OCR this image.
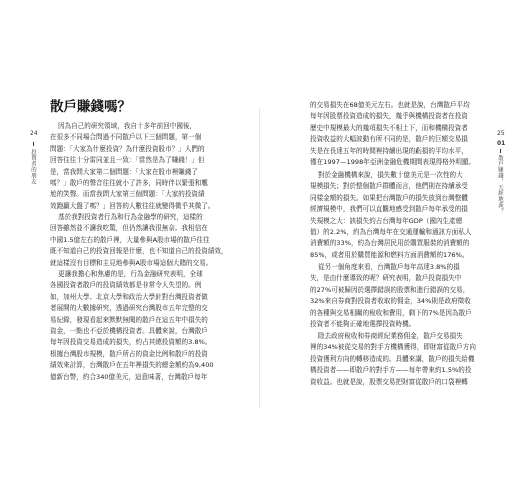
24
投資者的朋友
散戶賺錢嗎？
因為自己的研究領域，我自十多年前回中國後，
在很多不同場合問過不同散戶以下三個問題，第一個
問題：「大家為什麼投資？為什麼投資股市？」人們的
回答往往十分雷同並且一致：「當然是為了賺錢！」但
是，當我問大家第二個問題：「大家在股市裡賺錢了
嗎？」散戶的聲音往往就小了許多，同時伴以緊張和尷
尬的笑聲。而當我問大家第三個問題：「大家的投資績
效跑贏大盤了嗎？」回答的人數往往就變得微乎其微了。
基於我對投資者行為和行為金融學的研究，這樣的
回答雖然並不讓我吃驚，但仍然讓我很無奈。我相信在
中國1.5億左右的散戶裡，大量參與A股市場的散戶往往
既不知道自己的投資回報是什麼，也不知道自己的投資績效，
就這樣沒有目標和主見地參與A股市場這個大賭的交易。
更讓我擔心和焦慮的是，行為金融研究表明，全球
各國投資者散戶的投資績效都是非常令人失望的。例
如，加州大學、北京大學和政治大學針對台灣投資者做
者展開的大數據研究，透過研究台灣股市五年完整的交
易紀錄，發現看起來默默無聞的散戶在這五年中損失的
資金，一點也不亞於機構投資者。具體來說，台灣散戶
每年因投資交易造成的損失，約占其總投資額的3.8%。
根據台灣股市規模，散戶所占的資金比例和散戶的投資
績效來計算，台灣散戶在五年裡損失的總金額約為9,400
億新台幣，約合340億美元，這意味著，台灣散戶每年
25
01
散戶賺錢，天經地義？
的交易損失在68億美元左右。也就是說，台灣散戶平均
每年因股票投資造成的損失，幾乎與機構投資者在投資
歷史中規模最大的幾項損失不相上下，而和機構投資者
投資收益的大幅波動有所不同的是，散戶的巨額交易損
失是在長達五年的時間裡持續出現的虧損的平均水平，
僅在1997—1998年亞洲金融危機期間表現得格外明顯。
對於金融機構來說，損失數十億美元是一次性的大
規模損失；對於整個散戶群體而言，他們則在持續承受
同樣金額的損失。如果把台灣散戶的損失放到台灣整體
經濟規模中，我們可以直觀地感受到散戶每年承受的損
失規模之大：該損失約占台灣每年GDP（國內生產總
值）的2.2%，約為台灣每年在交通運輸和通訊方面私人
消費額的33%，約為台灣居民用於購買服裝的消費額的
85%，或者用於購買能源和燃料方面消費額的176%。
從另一個角度來看，台灣散戶每年高達3.8%的損
失，是由什麼導致的呢？研究表明，散戶投資損失中
的27%可被歸因於選擇錯誤的股票和進行錯誤的交易，
32%來自券商對投資者收取的佣金，34%則是政府徵收
的各種與交易相關的稅收和費用，剩下的7%是因為散戶
投資者不能夠正確地選擇投資時機。
除去政府稅收和券商經紀業務佣金，散戶交易損失
裡的34%被從交易的對手方機構獲得，即財富從散戶方向
投資獲利方向的轉移造成的。具體來講，散戶的損失給機
構投資者——即散戶的對手方——每年帶來約1.5%的投
資收益。也就是說，股票交易把財富從散戶的口袋裡轉
